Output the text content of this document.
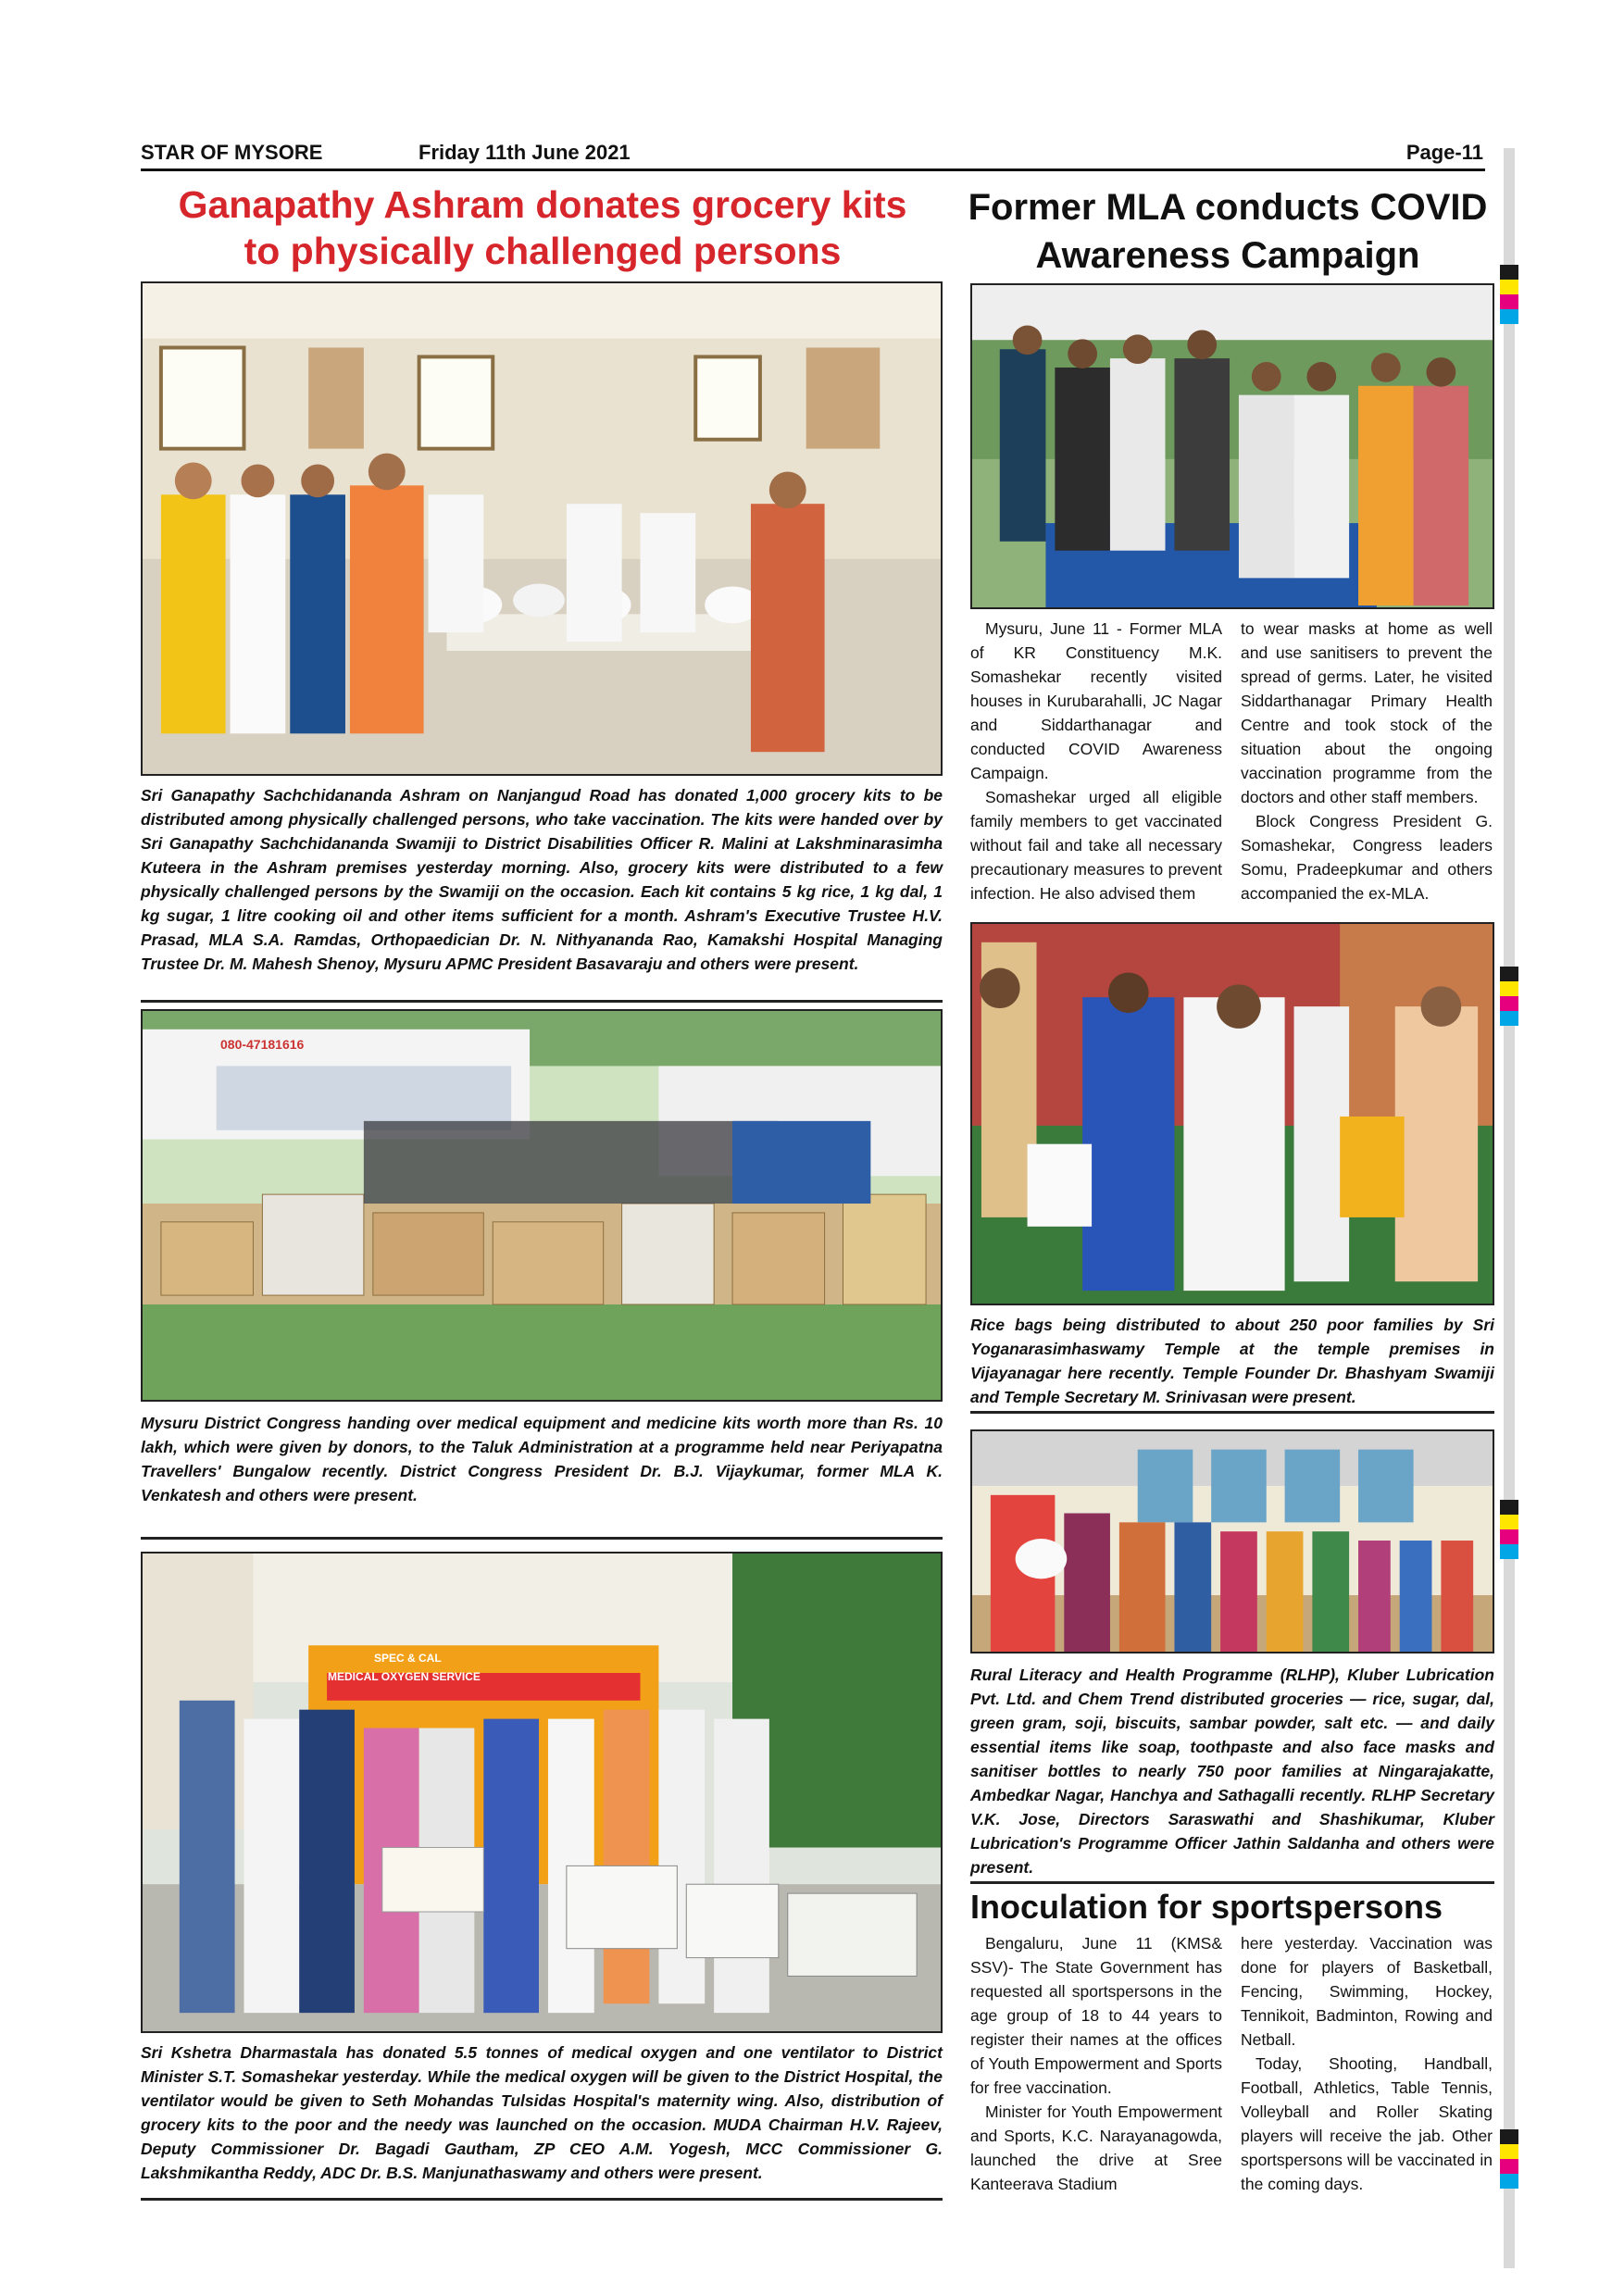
STAR OF MYSORE	Friday 11th June 2021	Page-11
Ganapathy Ashram donates grocery kits
to physically challenged persons
Former MLA conducts COVID
Awareness Campaign
Sri Ganapathy Sachchidananda Ashram on Nanjangud Road has donated 1,000 grocery kits to be distributed among physically challenged persons, who take vaccination. The kits were handed over by Sri Ganapathy Sachchidananda Swamiji to District Disabilities Officer R. Malini at Lakshminarasimha Kuteera in the Ashram premises yesterday morning. Also, grocery kits were distributed to a few physically challenged persons by the Swamiji on the occasion. Each kit contains 5 kg rice, 1 kg dal, 1 kg sugar, 1 litre cooking oil and other items sufficient for a month. Ashram's Executive Trustee H.V. Prasad, MLA S.A. Ramdas, Orthopaedician Dr. N. Nithyananda Rao, Kamakshi Hospital Managing Trustee Dr. M. Mahesh Shenoy, Mysuru APMC President Basavaraju and others were present.
080-47181616
Mysuru District Congress handing over medical equipment and medicine kits worth more than Rs. 10 lakh, which were given by donors, to the Taluk Administration at a programme held near Periyapatna Travellers' Bungalow recently. District Congress President Dr. B.J. Vijaykumar, former MLA K. Venkatesh and others were present.
MEDICAL OXYGEN SERVICE
SPEC & CAL
Sri Kshetra Dharmastala has donated 5.5 tonnes of medical oxygen and one ventilator to District Minister S.T. Somashekar yesterday. While the medical oxygen will be given to the District Hospital, the ventilator would be given to Seth Mohandas Tulsidas Hospital's maternity wing. Also, distribution of grocery kits to the poor and the needy was launched on the occasion. MUDA Chairman H.V. Rajeev, Deputy Commissioner Dr. Bagadi Gautham, ZP CEO A.M. Yogesh, MCC Commissioner G. Lakshmikantha Reddy, ADC Dr. B.S. Manjunathaswamy and others were present.

Mysuru, June 11 - Former MLA of KR Constituency M.K. Somashekar recently visited houses in Kurubarahalli, JC Nagar and Siddarthanagar and conducted COVID Awareness Campaign.

Somashekar urged all eligible family members to get vaccinated without fail and take all necessary precautionary measures to prevent infection. He also advised them

to wear masks at home as well and use sanitisers to prevent the spread of germs. Later, he visited Siddarthanagar Primary Health Centre and took stock of the situation about the ongoing vaccination programme from the doctors and other staff members.

Block Congress President G. Somashekar, Congress leaders Somu, Pradeepkumar and others accompanied the ex-MLA.

Rice bags being distributed to about 250 poor families by Sri Yoganarasimhaswamy Temple at the temple premises in Vijayanagar here recently. Temple Founder Dr. Bhashyam Swamiji and Temple Secretary M. Srinivasan were present.
Rural Literacy and Health Programme (RLHP), Kluber Lubrication Pvt. Ltd. and Chem Trend distributed groceries — rice, sugar, dal, green gram, soji, biscuits, sambar powder, salt etc. — and daily essential items like soap, toothpaste and also face masks and sanitiser bottles to nearly 750 poor families at Ningarajakatte, Ambedkar Nagar, Hanchya and Sathagalli recently. RLHP Secretary V.K. Jose, Directors Saraswathi and Shashikumar, Kluber Lubrication's Programme Officer Jathin Saldanha and others were present.
Inoculation for sportspersons

Bengaluru, June 11 (KMS& SSV)- The State Government has requested all sportspersons in the age group of 18 to 44 years to register their names at the offices of Youth Empowerment and Sports for free vaccination.

Minister for Youth Empowerment and Sports, K.C. Narayanagowda, launched the drive at Sree Kanteerava Stadium

here yesterday. Vaccination was done for players of Basketball, Fencing, Swimming, Hockey, Tennikoit, Badminton, Rowing and Netball.

Today, Shooting, Handball, Football, Athletics, Table Tennis, Volleyball and Roller Skating players will receive the jab. Other sportspersons will be vaccinated in the coming days.
